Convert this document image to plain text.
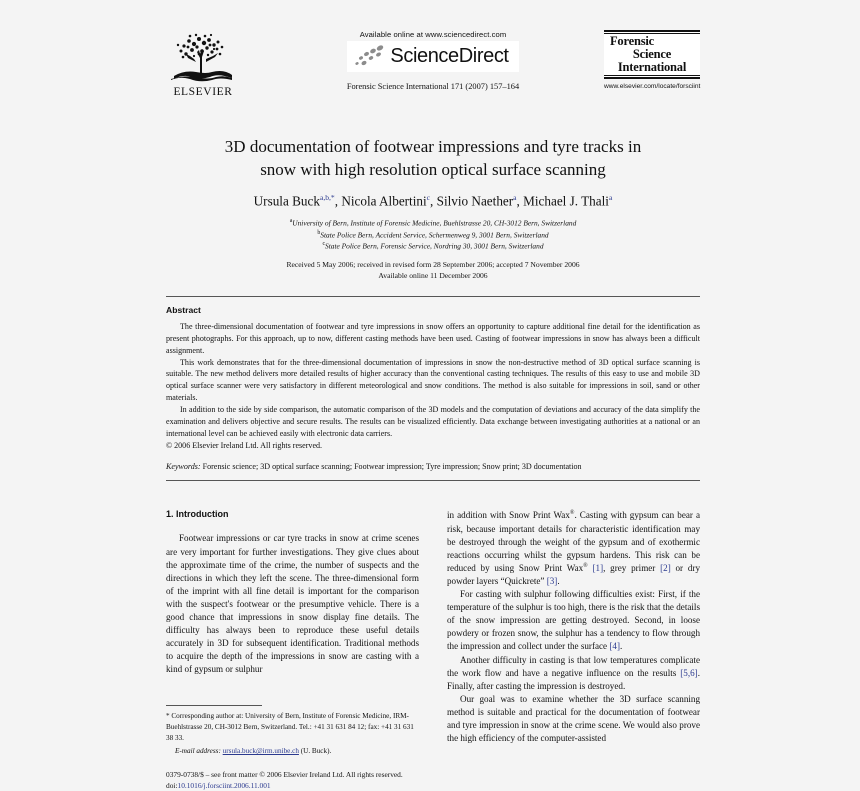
ELSEVIER
Available online at www.sciencedirect.com
ScienceDirect
Forensic Science International 171 (2007) 157–164
Forensic
Science
International
www.elsevier.com/locate/forsciint
3D documentation of footwear impressions and tyre tracks in
snow with high resolution optical surface scanning
Ursula Buck$^{a,b,*}$, Nicola Albertini$^c$, Silvio Naether$^a$, Michael J. Thali$^a$
$^a$University of Bern, Institute of Forensic Medicine, Buehlstrasse 20, CH-3012 Bern, Switzerland
$^b$State Police Bern, Accident Service, Schermenweg 9, 3001 Bern, Switzerland
$^c$State Police Bern, Forensic Service, Nordring 30, 3001 Bern, Switzerland
Received 5 May 2006; received in revised form 28 September 2006; accepted 7 November 2006
Available online 11 December 2006
Abstract

The three-dimensional documentation of footwear and tyre impressions in snow offers an opportunity to capture additional fine detail for the identification as present photographs. For this approach, up to now, different casting methods have been used. Casting of footwear impressions in snow has always been a difficult assignment.

This work demonstrates that for the three-dimensional documentation of impressions in snow the non-destructive method of 3D optical surface scanning is suitable. The new method delivers more detailed results of higher accuracy than the conventional casting techniques. The results of this easy to use and mobile 3D optical surface scanner were very satisfactory in different meteorological and snow conditions. The method is also suitable for impressions in soil, sand or other materials.

In addition to the side by side comparison, the automatic comparison of the 3D models and the computation of deviations and accuracy of the data simplify the examination and delivers objective and secure results. The results can be visualized efficiently. Data exchange between investigating authorities at a national or an international level can be achieved easily with electronic data carriers.

© 2006 Elsevier Ireland Ltd. All rights reserved.

Keywords: Forensic science; 3D optical surface scanning; Footwear impression; Tyre impression; Snow print; 3D documentation
1. Introduction

Footwear impressions or car tyre tracks in snow at crime scenes are very important for further investigations. They give clues about the approximate time of the crime, the number of suspects and the directions in which they left the scene. The three-dimensional form of the imprint with all fine detail is important for the comparison with the suspect's footwear or the presumptive vehicle. There is a good chance that impressions in snow display fine details. The difficulty has always been to reproduce these useful details accurately in 3D for subsequent identification. Traditional methods to acquire the depth of the impressions in snow are casting with a kind of gypsum or sulphur

* Corresponding author at: University of Bern, Institute of Forensic Medicine, IRM-Buehlstrasse 20, CH-3012 Bern, Switzerland. Tel.: +41 31 631 84 12; fax: +41 31 631 38 33.
E-mail address: ursula.buck@irm.unibe.ch (U. Buck).
0379-0738/$ – see front matter © 2006 Elsevier Ireland Ltd. All rights reserved.
doi:10.1016/j.forsciint.2006.11.001

in addition with Snow Print Wax®. Casting with gypsum can bear a risk, because important details for characteristic identification may be destroyed through the weight of the gypsum and of exothermic reactions occurring whilst the gypsum hardens. This risk can be reduced by using Snow Print Wax® [1], grey primer [2] or dry powder layers “Quickrete” [3].

For casting with sulphur following difficulties exist: First, if the temperature of the sulphur is too high, there is the risk that the details of the snow impression are getting destroyed. Second, in loose powdery or frozen snow, the sulphur has a tendency to flow through the impression and collect under the surface [4].

Another difficulty in casting is that low temperatures complicate the work flow and have a negative influence on the results [5,6]. Finally, after casting the impression is destroyed.

Our goal was to examine whether the 3D surface scanning method is suitable and practical for the documentation of footwear and tyre impression in snow at the crime scene. We would also prove the high efficiency of the computer-assisted
